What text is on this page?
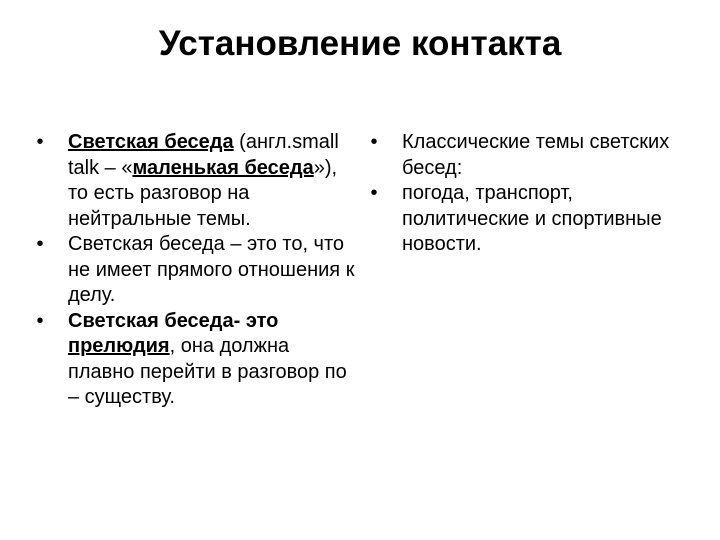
Установление контакта
•	Светская беседа (англ.small talk – «маленькая беседа»), то есть разговор на нейтральные темы.
•	Светская беседа – это то, что не имеет прямого отношения к делу.
•	Светская беседа- это прелюдия, она должна плавно перейти в разговор по – существу.
•	Классические темы светских бесед:
•	погода, транспорт, политические и спортивные новости.
